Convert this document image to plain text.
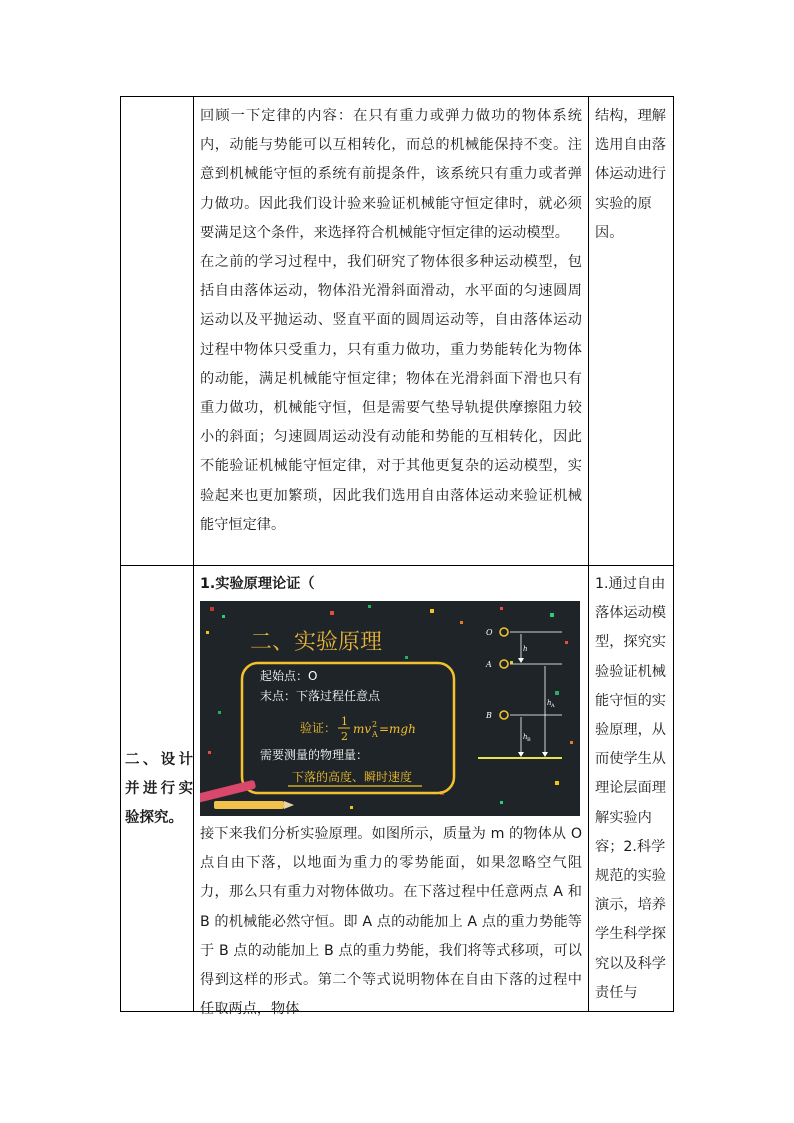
回顾一下定律的内容：在只有重力或弹力做功的物体系统内，动能与势能可以互相转化，而总的机械能保持不变。注意到机械能守恒的系统有前提条件，该系统只有重力或者弹力做功。因此我们设计验来验证机械能守恒定律时，就必须要满足这个条件，来选择符合机械能守恒定律的运动模型。

在之前的学习过程中，我们研究了物体很多种运动模型，包括自由落体运动，物体沿光滑斜面滑动，水平面的匀速圆周运动以及平抛运动、竖直平面的圆周运动等，自由落体运动过程中物体只受重力，只有重力做功，重力势能转化为物体的动能，满足机械能守恒定律；物体在光滑斜面下滑也只有重力做功，机械能守恒，但是需要气垫导轨提供摩擦阻力较小的斜面；匀速圆周运动没有动能和势能的互相转化，因此不能验证机械能守恒定律，对于其他更复杂的运动模型，实验起来也更加繁琐，因此我们选用自由落体运动来验证机械能守恒定律。

结构，理解选用自由落体运动进行实验的原因。

二、设计并进行实验探究。

1.实验原理论证（

二、实验原理
起始点：O
末点：下落过程任意点
验证： 1
2
mv 2
A =mgh
需要测量的物理量：
下落的高度、瞬时速度
O
A
B
h
h A
h B

接下来我们分析实验原理。如图所示，质量为 m 的物体从 O 点自由下落，以地面为重力的零势能面，如果忽略空气阻力，那么只有重力对物体做功。在下落过程中任意两点 A 和 B 的机械能必然守恒。即 A 点的动能加上 A 点的重力势能等于 B 点的动能加上 B 点的重力势能，我们将等式移项，可以得到这样的形式。第二个等式说明物体在自由下落的过程中任取两点，物体

1.通过自由落体运动模型，探究实验验证机械能守恒的实验原理，从而使学生从理论层面理解实验内容；2.科学规范的实验演示，培养学生科学探究以及科学责任与
